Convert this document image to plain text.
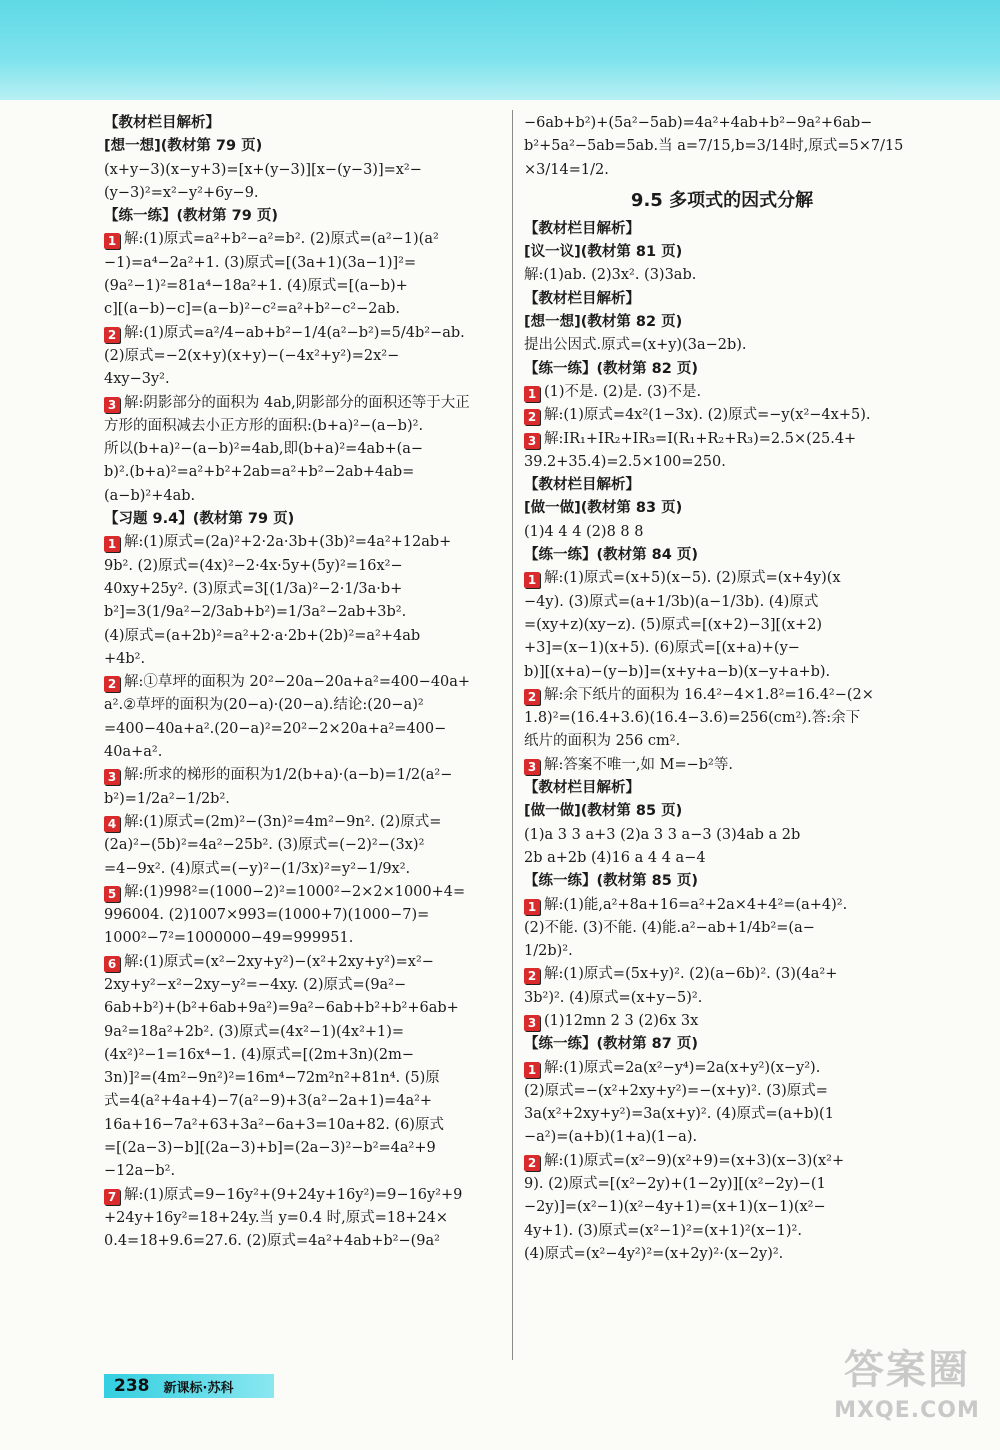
【教材栏目解析】
[想一想](教材第 79 页)
(x+y−3)(x−y+3)=[x+(y−3)][x−(y−3)]=x²−
(y−3)²=x²−y²+6y−9.
【练一练】(教材第 79 页)
1 解:(1)原式=a²+b²−a²=b². (2)原式=(a²−1)(a²
−1)=a⁴−2a²+1. (3)原式=[(3a+1)(3a−1)]²=
(9a²−1)²=81a⁴−18a²+1. (4)原式=[(a−b)+
c][(a−b)−c]=(a−b)²−c²=a²+b²−c²−2ab.
2 解:(1)原式=a²/4−ab+b²−1/4(a²−b²)=5/4b²−ab.
(2)原式=−2(x+y)(x+y)−(−4x²+y²)=2x²−
4xy−3y².
3 解:阴影部分的面积为 4ab,阴影部分的面积还等于大正
方形的面积减去小正方形的面积:(b+a)²−(a−b)².
所以(b+a)²−(a−b)²=4ab,即(b+a)²=4ab+(a−
b)².(b+a)²=a²+b²+2ab=a²+b²−2ab+4ab=
(a−b)²+4ab.
【习题 9.4】(教材第 79 页)
1 解:(1)原式=(2a)²+2·2a·3b+(3b)²=4a²+12ab+
9b². (2)原式=(4x)²−2·4x·5y+(5y)²=16x²−
40xy+25y². (3)原式=3[(1/3a)²−2·1/3a·b+
b²]=3(1/9a²−2/3ab+b²)=1/3a²−2ab+3b².
(4)原式=(a+2b)²=a²+2·a·2b+(2b)²=a²+4ab
+4b².
2 解:①草坪的面积为 20²−20a−20a+a²=400−40a+
a².②草坪的面积为(20−a)·(20−a).结论:(20−a)²
=400−40a+a².(20−a)²=20²−2×20a+a²=400−
40a+a².
3 解:所求的梯形的面积为1/2(b+a)·(a−b)=1/2(a²−
b²)=1/2a²−1/2b².
4 解:(1)原式=(2m)²−(3n)²=4m²−9n². (2)原式=
(2a)²−(5b)²=4a²−25b². (3)原式=(−2)²−(3x)²
=4−9x². (4)原式=(−y)²−(1/3x)²=y²−1/9x².
5 解:(1)998²=(1000−2)²=1000²−2×2×1000+4=
996004. (2)1007×993=(1000+7)(1000−7)=
1000²−7²=1000000−49=999951.
6 解:(1)原式=(x²−2xy+y²)−(x²+2xy+y²)=x²−
2xy+y²−x²−2xy−y²=−4xy. (2)原式=(9a²−
6ab+b²)+(b²+6ab+9a²)=9a²−6ab+b²+b²+6ab+
9a²=18a²+2b². (3)原式=(4x²−1)(4x²+1)=
(4x²)²−1=16x⁴−1. (4)原式=[(2m+3n)(2m−
3n)]²=(4m²−9n²)²=16m⁴−72m²n²+81n⁴. (5)原
式=4(a²+4a+4)−7(a²−9)+3(a²−2a+1)=4a²+
16a+16−7a²+63+3a²−6a+3=10a+82. (6)原式
=[(2a−3)−b][(2a−3)+b]=(2a−3)²−b²=4a²+9
−12a−b².
7 解:(1)原式=9−16y²+(9+24y+16y²)=9−16y²+9
+24y+16y²=18+24y.当 y=0.4 时,原式=18+24×
0.4=18+9.6=27.6. (2)原式=4a²+4ab+b²−(9a²
−6ab+b²)+(5a²−5ab)=4a²+4ab+b²−9a²+6ab−
b²+5a²−5ab=5ab.当 a=7/15,b=3/14时,原式=5×7/15
×3/14=1/2.
9.5 多项式的因式分解
【教材栏目解析】
[议一议](教材第 81 页)
解:(1)ab. (2)3x². (3)3ab.
【教材栏目解析】
[想一想](教材第 82 页)
提出公因式.原式=(x+y)(3a−2b).
【练一练】(教材第 82 页)
1 (1)不是. (2)是. (3)不是.
2 解:(1)原式=4x²(1−3x). (2)原式=−y(x²−4x+5).
3 解:IR₁+IR₂+IR₃=I(R₁+R₂+R₃)=2.5×(25.4+
39.2+35.4)=2.5×100=250.
【教材栏目解析】
[做一做](教材第 83 页)
(1)4 4 4 (2)8 8 8
【练一练】(教材第 84 页)
1 解:(1)原式=(x+5)(x−5). (2)原式=(x+4y)(x
−4y). (3)原式=(a+1/3b)(a−1/3b). (4)原式
=(xy+z)(xy−z). (5)原式=[(x+2)−3][(x+2)
+3]=(x−1)(x+5). (6)原式=[(x+a)+(y−
b)][(x+a)−(y−b)]=(x+y+a−b)(x−y+a+b).
2 解:余下纸片的面积为 16.4²−4×1.8²=16.4²−(2×
1.8)²=(16.4+3.6)(16.4−3.6)=256(cm²).答:余下
纸片的面积为 256 cm².
3 解:答案不唯一,如 M=−b²等.
【教材栏目解析】
[做一做](教材第 85 页)
(1)a 3 3 a+3 (2)a 3 3 a−3 (3)4ab a 2b
2b a+2b (4)16 a 4 4 a−4
【练一练】(教材第 85 页)
1 解:(1)能,a²+8a+16=a²+2a×4+4²=(a+4)².
(2)不能. (3)不能. (4)能.a²−ab+1/4b²=(a−
1/2b)².
2 解:(1)原式=(5x+y)². (2)(a−6b)². (3)(4a²+
3b²)². (4)原式=(x+y−5)².
3 (1)12mn 2 3 (2)6x 3x
【练一练】(教材第 87 页)
1 解:(1)原式=2a(x²−y⁴)=2a(x+y²)(x−y²).
(2)原式=−(x²+2xy+y²)=−(x+y)². (3)原式=
3a(x²+2xy+y²)=3a(x+y)². (4)原式=(a+b)(1
−a²)=(a+b)(1+a)(1−a).
2 解:(1)原式=(x²−9)(x²+9)=(x+3)(x−3)(x²+
9). (2)原式=[(x²−2y)+(1−2y)][(x²−2y)−(1
−2y)]=(x²−1)(x²−4y+1)=(x+1)(x−1)(x²−
4y+1). (3)原式=(x²−1)²=(x+1)²(x−1)².
(4)原式=(x²−4y²)²=(x+2y)²·(x−2y)².
238 新课标·苏科	答案圈
MXQE.COM
